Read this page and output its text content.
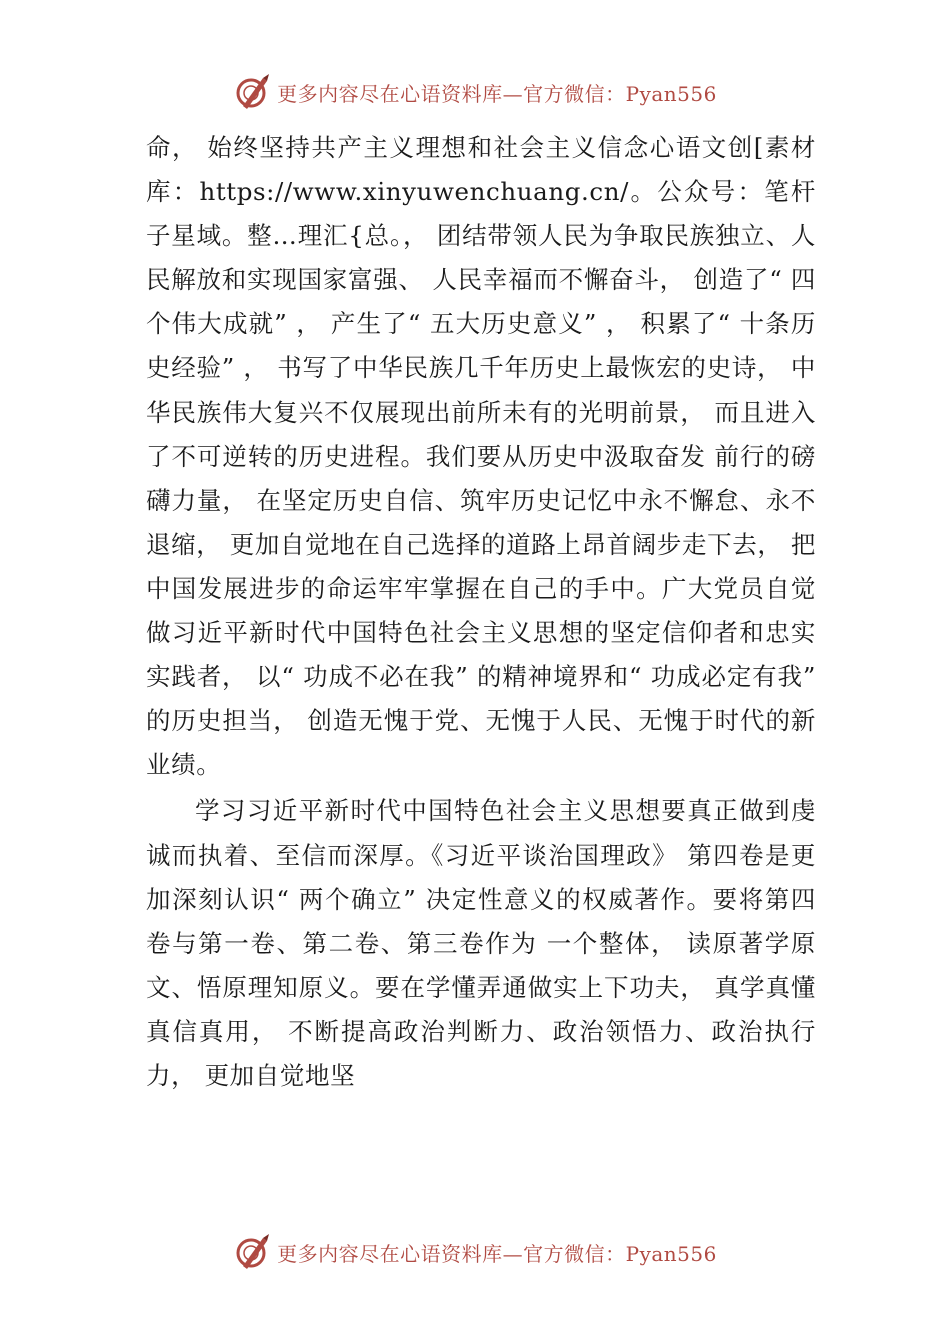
更多内容尽在心语资料库—官方微信：Pyan556

命， 始终坚持共产主义理想和社会主义信念心语文创[素材库：https://www.xinyuwenchuang.cn/。公众号：笔杆子星域。整…理汇{总。， 团结带领人民为争取民族独立、人民解放和实现国家富强、 人民幸福而不懈奋斗， 创造了“ 四个伟大成就” ， 产生了“ 五大历史意义” ， 积累了“ 十条历史经验” ， 书写了中华民族几千年历史上最恢宏的史诗， 中华民族伟大复兴不仅展现出前所未有的光明前景， 而且进入了不可逆转的历史进程。我们要从历史中汲取奋发 前行的磅礴力量， 在坚定历史自信、筑牢历史记忆中永不懈怠、永不退缩， 更加自觉地在自己选择的道路上昂首阔步走下去， 把中国发展进步的命运牢牢掌握在自己的手中。广大党员自觉做习近平新时代中国特色社会主义思想的坚定信仰者和忠实实践者， 以“ 功成不必在我” 的精神境界和“ 功成必定有我” 的历史担当， 创造无愧于党、无愧于人民、无愧于时代的新业绩。

学习习近平新时代中国特色社会主义思想要真正做到虔诚而执着、至信而深厚。《习近平谈治国理政》 第四卷是更加深刻认识“ 两个确立” 决定性意义的权威著作。要将第四卷与第一卷、第二卷、第三卷作为 一个整体， 读原著学原文、悟原理知原义。要在学懂弄通做实上下功夫， 真学真懂真信真用， 不断提高政治判断力、政治领悟力、政治执行力， 更加自觉地坚

更多内容尽在心语资料库—官方微信：Pyan556
